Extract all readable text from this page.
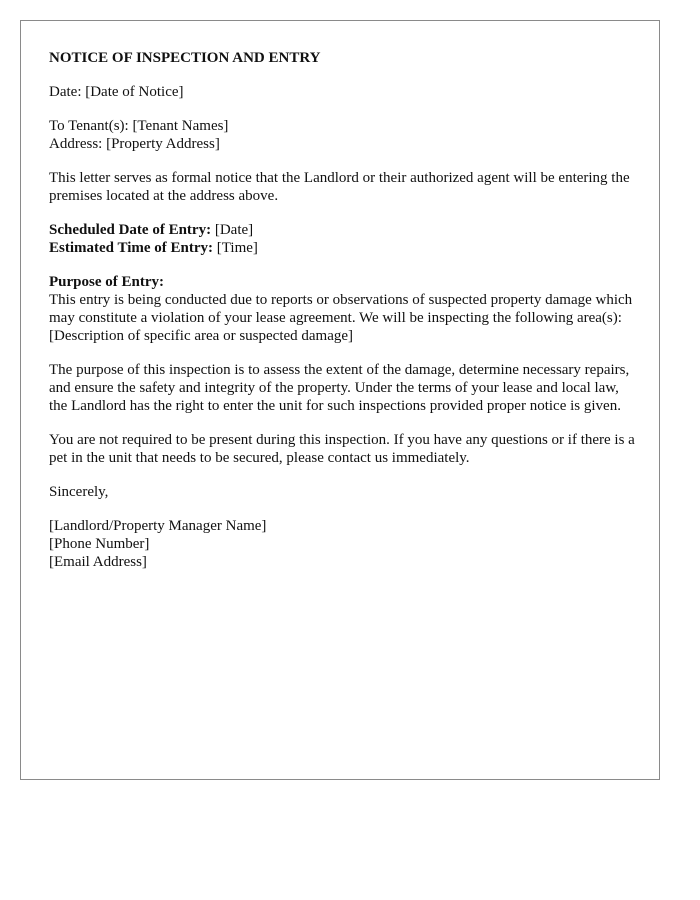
NOTICE OF INSPECTION AND ENTRY
Date: [Date of Notice]
To Tenant(s): [Tenant Names]
Address: [Property Address]
This letter serves as formal notice that the Landlord or their authorized agent will be entering the premises located at the address above.
Scheduled Date of Entry: [Date]
Estimated Time of Entry: [Time]
Purpose of Entry:
This entry is being conducted due to reports or observations of suspected property damage which may constitute a violation of your lease agreement. We will be inspecting the following area(s):
[Description of specific area or suspected damage]
The purpose of this inspection is to assess the extent of the damage, determine necessary repairs, and ensure the safety and integrity of the property. Under the terms of your lease and local law, the Landlord has the right to enter the unit for such inspections provided proper notice is given.
You are not required to be present during this inspection. If you have any questions or if there is a pet in the unit that needs to be secured, please contact us immediately.
Sincerely,
[Landlord/Property Manager Name]
[Phone Number]
[Email Address]
